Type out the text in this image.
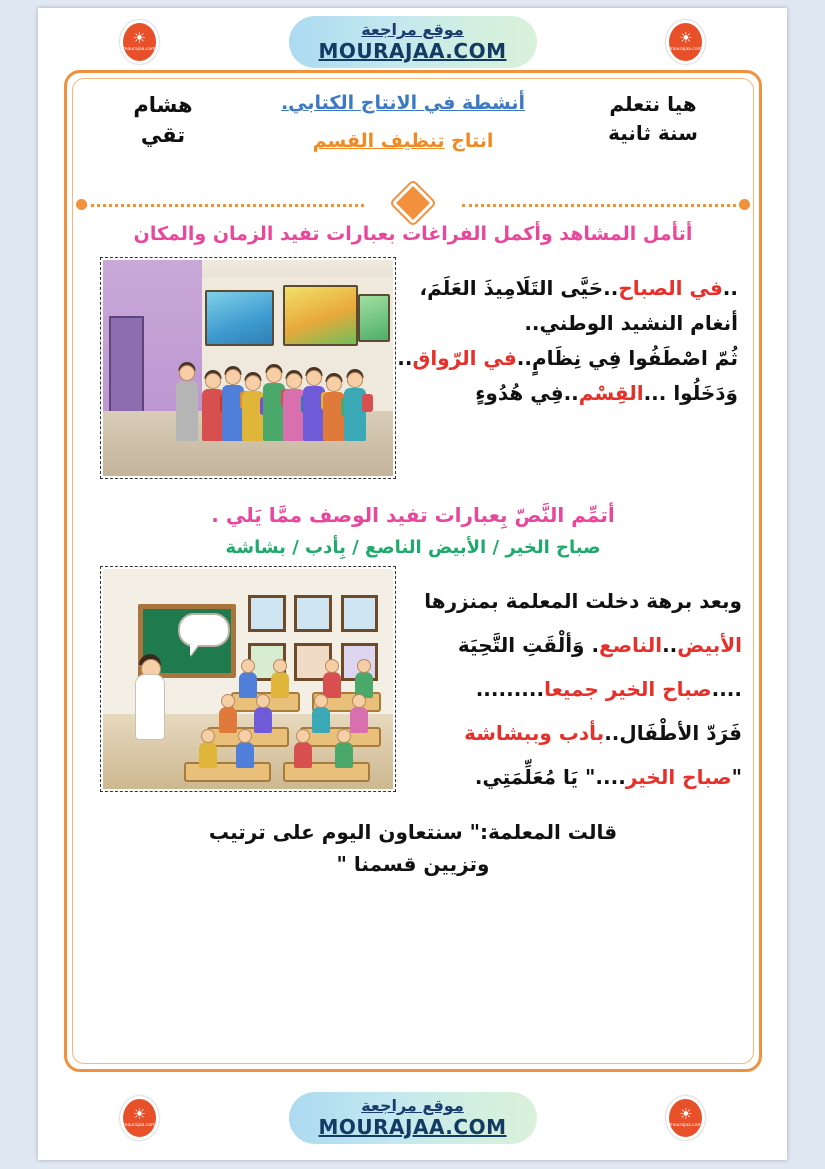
☀
mourajaa.com
موقع مراجعة
MOURAJAA.COM
☀
mourajaa.com
هيا نتعلم
سنة ثانية
أنشطة في الانتاج الكتابي.
انتاج تنظيف القسم
هشام
تقي

أتأمل المشاهد وأكمل الفراغات بعبارات تفيد الزمان والمكان

..في الصباح..حَيَّى التَلَامِيذَ العَلَمَ،
أنغام النشيد الوطني..
ثُمّ اصْطَفُوا فِي نِظَامٍ..في الرّواق..
وَدَخَلُوا ...القِسْم..فِي هُدُوءٍ

أتمِّم النَّصّ بِعبارات تفيد الوصف ممَّا يَلي .

صباح الخير / الأبيض الناصع / بِأدب / بشاشة

وبعد برهة دخلت المعلمة بمنزرها
الأبيض..الناصع. وَألْقَتِ التَّحِيَة
....صباح الخير جميعا.........
فَرَدّ الأطْفَال..بأدب وببشاشة
"صباح الخير...." يَا مُعَلِّمَتِي.
قالت المعلمة:" سنتعاون اليوم على ترتيب
وتزيين قسمنا "
☀
mourajaa.com
موقع مراجعة
MOURAJAA.COM
☀
mourajaa.com
